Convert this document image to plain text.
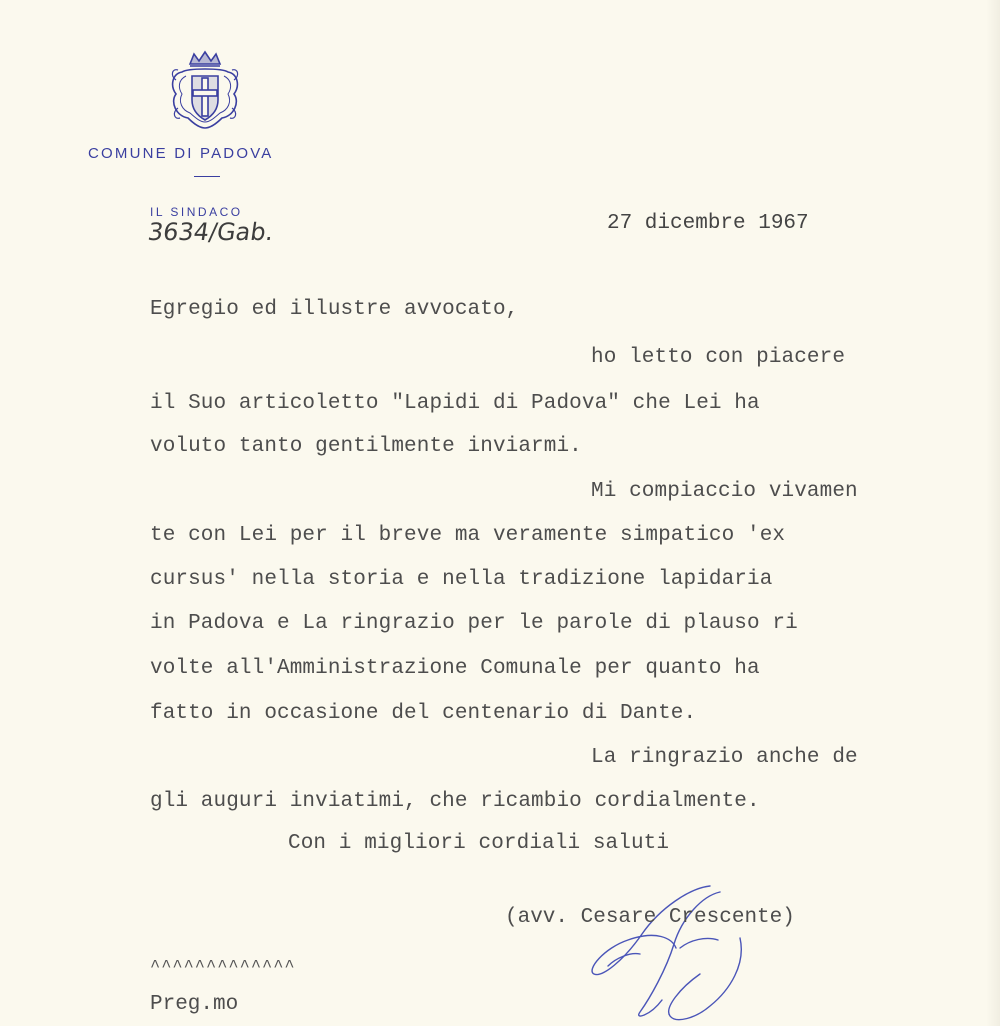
COMUNE DI PADOVA
IL SINDACO
3634/Gab.	27 dicembre 1967
Egregio ed illustre avvocato,
ho letto con piacere
il Suo articoletto "Lapidi di Padova" che Lei ha
voluto tanto gentilmente inviarmi.
Mi compiaccio vivamen
te con Lei per il breve ma veramente simpatico 'ex
cursus' nella storia e nella tradizione lapidaria
in Padova e La ringrazio per le parole di plauso ri
volte all'Amministrazione Comunale per quanto ha
fatto in occasione del centenario di Dante.
La ringrazio anche de
gli auguri inviatimi, che ricambio cordialmente.
Con i migliori cordiali saluti
(avv. Cesare Crescente)
^^^^^^^^^^^^^
Preg.mo
